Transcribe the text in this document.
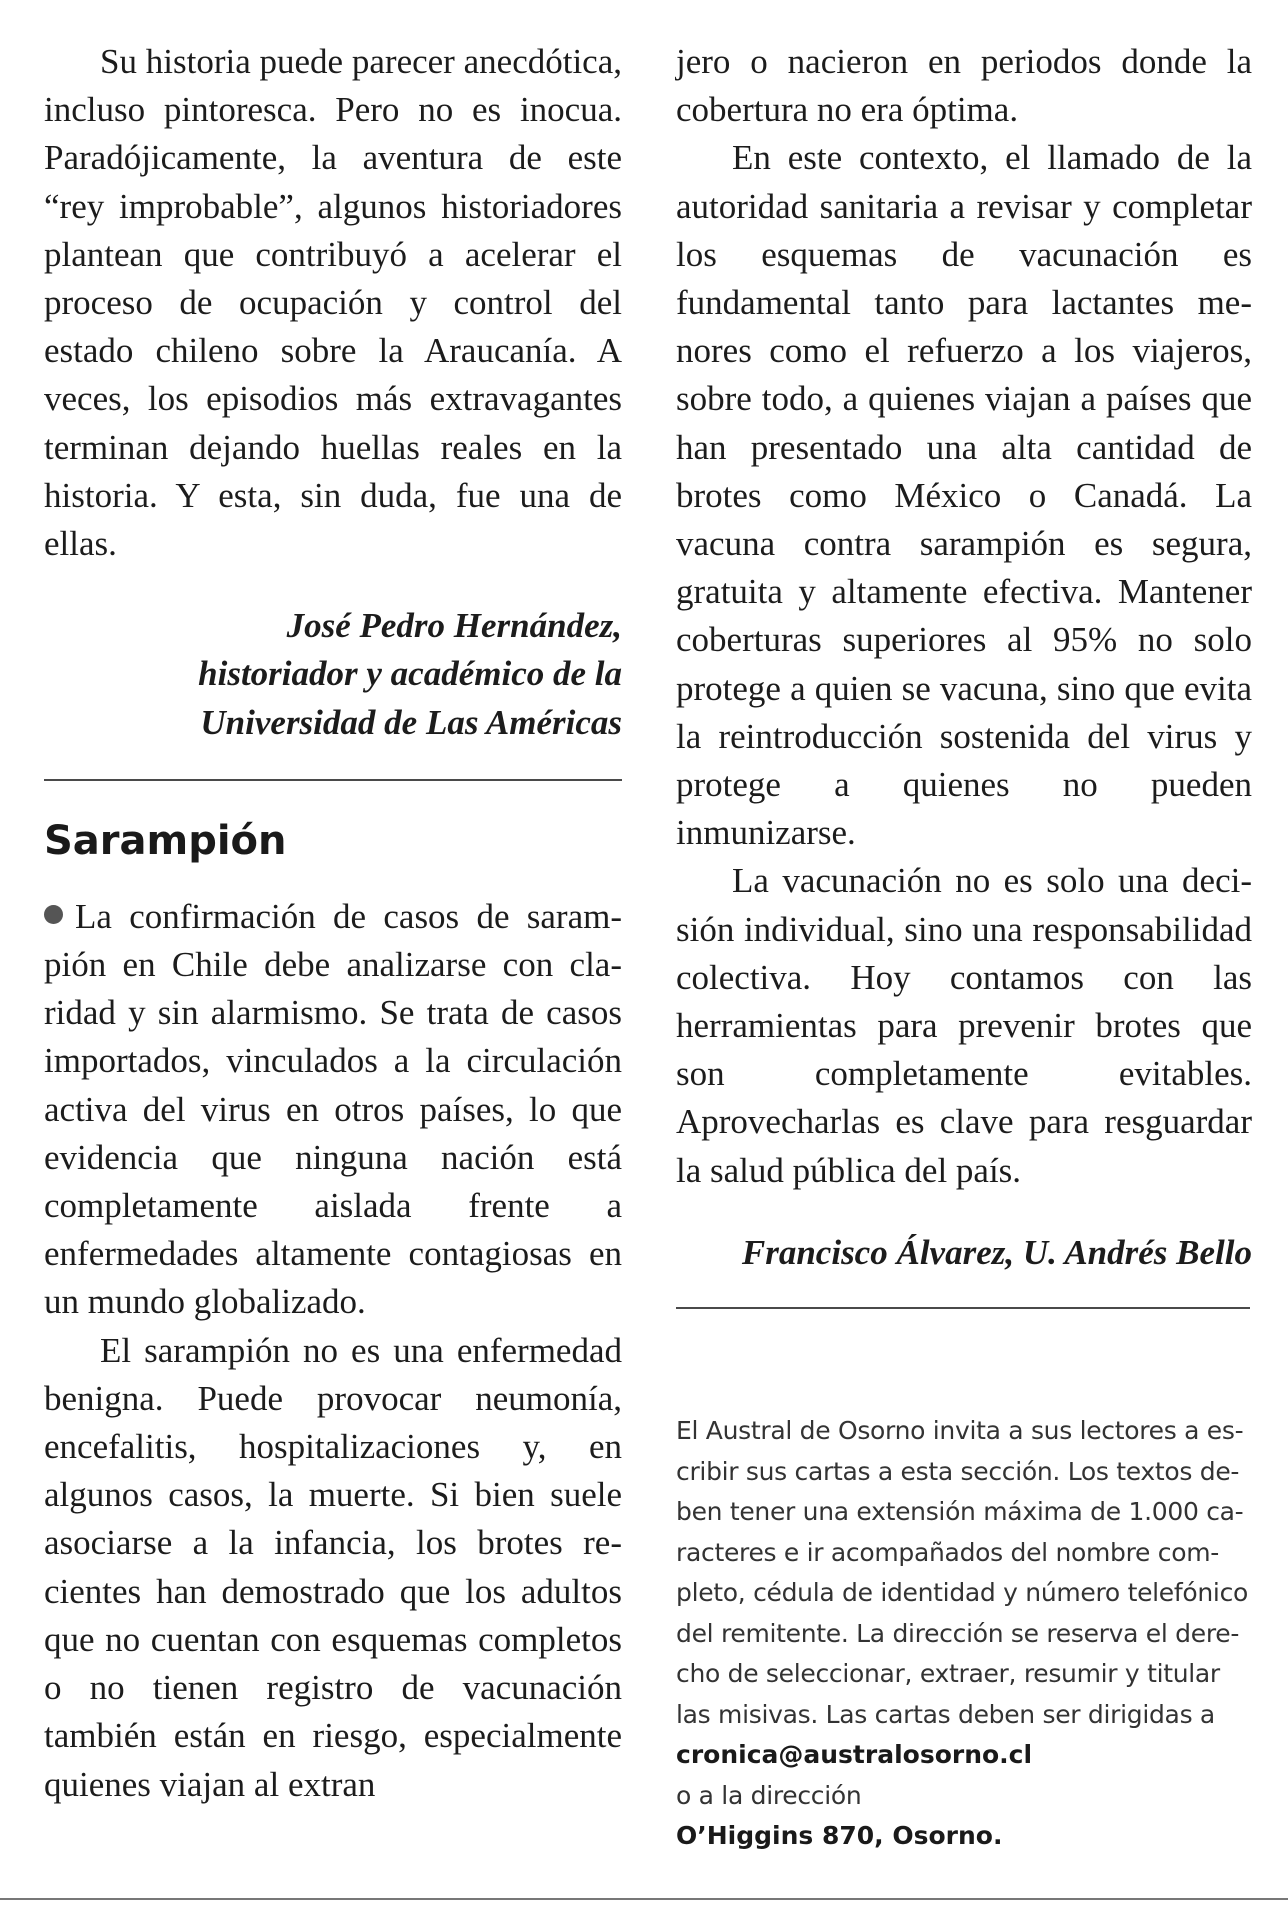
Su historia puede parecer anecdótica, incluso pintoresca. Pero no es inocua. Paradójicamente, la aventura de este “rey improbable”, algunos historiadores plantean que contribuyó a acelerar el proceso de ocupación y control del estado chileno sobre la Araucanía. A veces, los episodios más extravagantes terminan dejando huellas reales en la historia. Y esta, sin duda, fue una de ellas.

José Pedro Hernández,

historiador y académico de la

Universidad de Las Américas

Sarampión

La confirmación de casos de sarampión en Chile debe analizarse con claridad y sin alarmismo. Se trata de casos importados, vinculados a la circulación activa del virus en otros países, lo que evidencia que ninguna nación está completamente aislada frente a enfermedades altamente contagiosas en un mundo globalizado.

El sarampión no es una enfermedad benigna. Puede provocar neumonía, encefalitis, hospitalizaciones y, en algunos casos, la muerte. Si bien suele asociarse a la infancia, los brotes recientes han demostrado que los adultos que no cuentan con esquemas completos o no tienen registro de vacunación también están en riesgo, especialmente quienes viajan al extran

jero o nacieron en periodos donde la cobertura no era óptima.

En este contexto, el llamado de la autoridad sanitaria a revisar y completar los esquemas de vacunación es fundamental tanto para lactantes menores como el refuerzo a los viajeros, sobre todo, a quienes viajan a países que han presentado una alta cantidad de brotes como México o Canadá. La vacuna contra sarampión es segura, gratuita y altamente efectiva. Mantener coberturas superiores al 95% no solo protege a quien se vacuna, sino que evita la reintroducción sostenida del virus y protege a quienes no pueden inmunizarse.

La vacunación no es solo una decisión individual, sino una responsabilidad colectiva. Hoy contamos con las herramientas para prevenir brotes que son completamente evitables. Aprovecharlas es clave para resguardar la salud pública del país.

Francisco Álvarez, U. Andrés Bello

El Austral de Osorno invita a sus lectores a escribir sus cartas a esta sección. Los textos deben tener una extensión máxima de 1.000 caracteres e ir acompañados del nombre completo, cédula de identidad y número telefónico del remitente. La dirección se reserva el derecho de seleccionar, extraer, resumir y titular las misivas. Las cartas deben ser dirigidas a

cronica@australosorno.cl

o a la dirección

O’Higgins 870, Osorno.
